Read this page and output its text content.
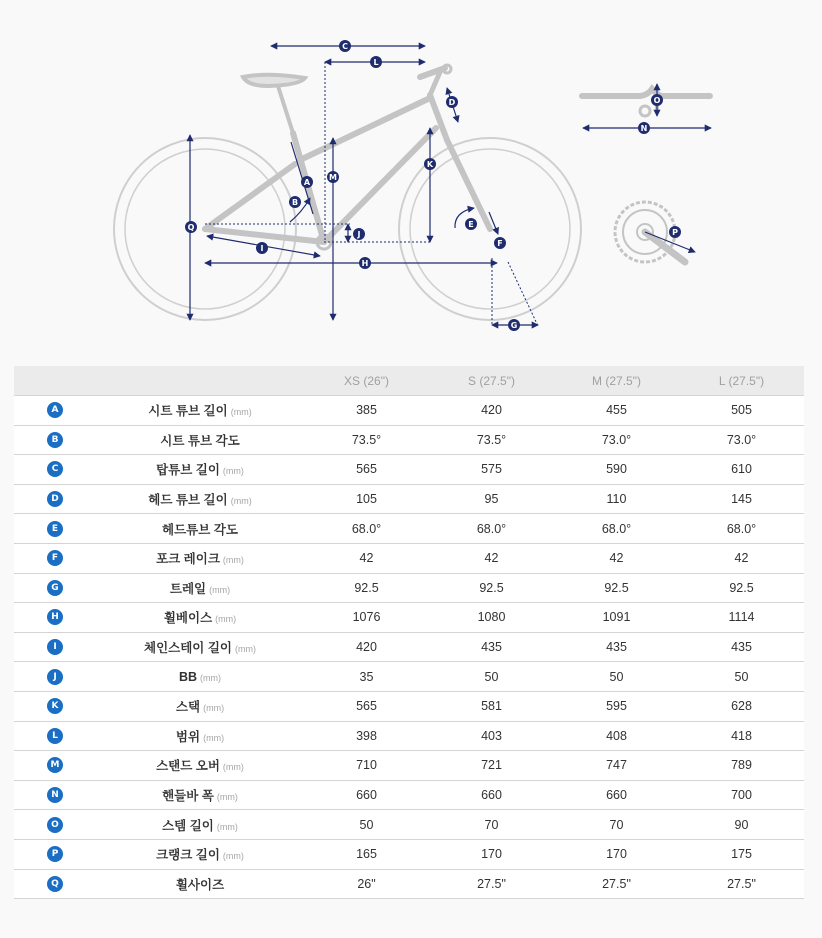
C
L
D
A
M
K
B
Q
J
E
F
I
H
G
O
N
P
		XS (26")	S (27.5")	M (27.5")	L (27.5")
A	시트 튜브 길이 (mm)	385	420	455	505
B	시트 튜브 각도	73.5°	73.5°	73.0°	73.0°
C	탑튜브 길이 (mm)	565	575	590	610
D	헤드 튜브 길이 (mm)	105	95	110	145
E	헤드튜브 각도	68.0°	68.0°	68.0°	68.0°
F	포크 레이크 (mm)	42	42	42	42
G	트레일 (mm)	92.5	92.5	92.5	92.5
H	휠베이스 (mm)	1076	1080	1091	1114
I	체인스테이 길이 (mm)	420	435	435	435
J	BB (mm)	35	50	50	50
K	스택 (mm)	565	581	595	628
L	범위 (mm)	398	403	408	418
M	스탠드 오버 (mm)	710	721	747	789
N	핸들바 폭 (mm)	660	660	660	700
O	스템 길이 (mm)	50	70	70	90
P	크랭크 길이 (mm)	165	170	170	175
Q	휠사이즈	26"	27.5"	27.5"	27.5"
